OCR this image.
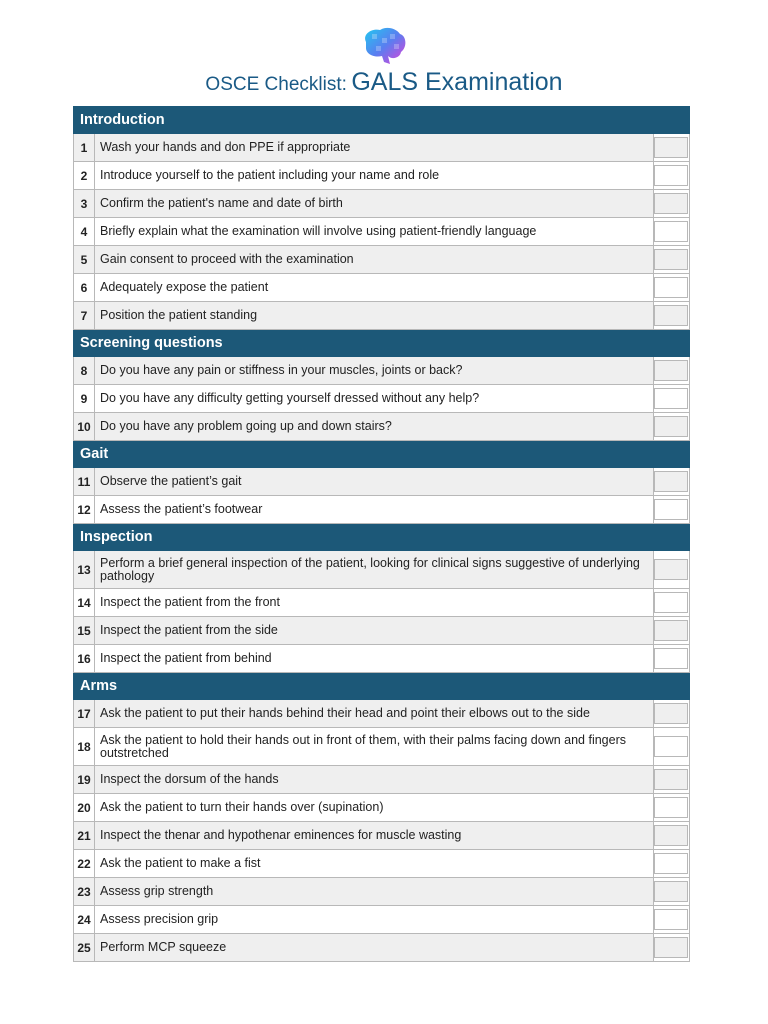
OSCE Checklist: GALS Examination
Introduction		
1	Wash your hands and don PPE if appropriate	

2	Introduce yourself to the patient including your name and role	

3	Confirm the patient's name and date of birth	

4	Briefly explain what the examination will involve using patient-friendly language	

5	Gain consent to proceed with the examination	

6	Adequately expose the patient	

7	Position the patient standing	

Screening questions		
8	Do you have any pain or stiffness in your muscles, joints or back?	

9	Do you have any difficulty getting yourself dressed without any help?	

10	Do you have any problem going up and down stairs?	

Gait		
11	Observe the patient’s gait	

12	Assess the patient’s footwear	

Inspection		
13	Perform a brief general inspection of the patient, looking for clinical signs suggestive of underlying pathology	

14	Inspect the patient from the front	

15	Inspect the patient from the side	

16	Inspect the patient from behind	

Arms		
17	Ask the patient to put their hands behind their head and point their elbows out to the side	

18	Ask the patient to hold their hands out in front of them, with their palms facing down and fingers outstretched	

19	Inspect the dorsum of the hands	

20	Ask the patient to turn their hands over (supination)	

21	Inspect the thenar and hypothenar eminences for muscle wasting	

22	Ask the patient to make a fist	

23	Assess grip strength	

24	Assess precision grip	

25	Perform MCP squeeze	
